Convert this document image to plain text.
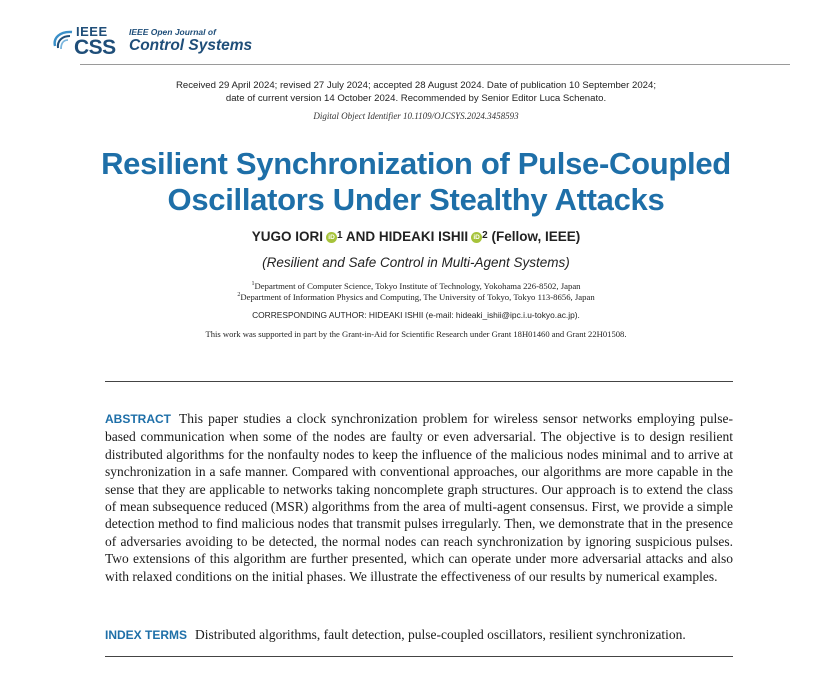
IEEE
CSS
IEEE Open Journal of
Control Systems
Received 29 April 2024; revised 27 July 2024; accepted 28 August 2024. Date of publication 10 September 2024;
date of current version 14 October 2024. Recommended by Senior Editor Luca Schenato.
Digital Object Identifier 10.1109/OJCSYS.2024.3458593
Resilient Synchronization of Pulse-Coupled
Oscillators Under Stealthy Attacks
YUGO IORI iD $^1$ AND HIDEAKI ISHII iD $^2$ (Fellow, IEEE)
(Resilient and Safe Control in Multi-Agent Systems)
$^1$Department of Computer Science, Tokyo Institute of Technology, Yokohama 226-8502, Japan
$^2$Department of Information Physics and Computing, The University of Tokyo, Tokyo 113-8656, Japan
CORRESPONDING AUTHOR: HIDEAKI ISHII (e-mail: hideaki_ishii@ipc.i.u-tokyo.ac.jp).
This work was supported in part by the Grant-in-Aid for Scientific Research under Grant 18H01460 and Grant 22H01508.
ABSTRACT This paper studies a clock synchronization problem for wireless sensor networks employing pulse-based communication when some of the nodes are faulty or even adversarial. The objective is to design resilient distributed algorithms for the nonfaulty nodes to keep the influence of the malicious nodes minimal and to arrive at synchronization in a safe manner. Compared with conventional approaches, our algorithms are more capable in the sense that they are applicable to networks taking noncomplete graph structures. Our approach is to extend the class of mean subsequence reduced (MSR) algorithms from the area of multi-agent consensus. First, we provide a simple detection method to find malicious nodes that transmit pulses irregularly. Then, we demonstrate that in the presence of adversaries avoiding to be detected, the normal nodes can reach synchronization by ignoring suspicious pulses. Two extensions of this algorithm are further presented, which can operate under more adversarial attacks and also with relaxed conditions on the initial phases. We illustrate the effectiveness of our results by numerical examples.
INDEX TERMS Distributed algorithms, fault detection, pulse-coupled oscillators, resilient synchronization.
